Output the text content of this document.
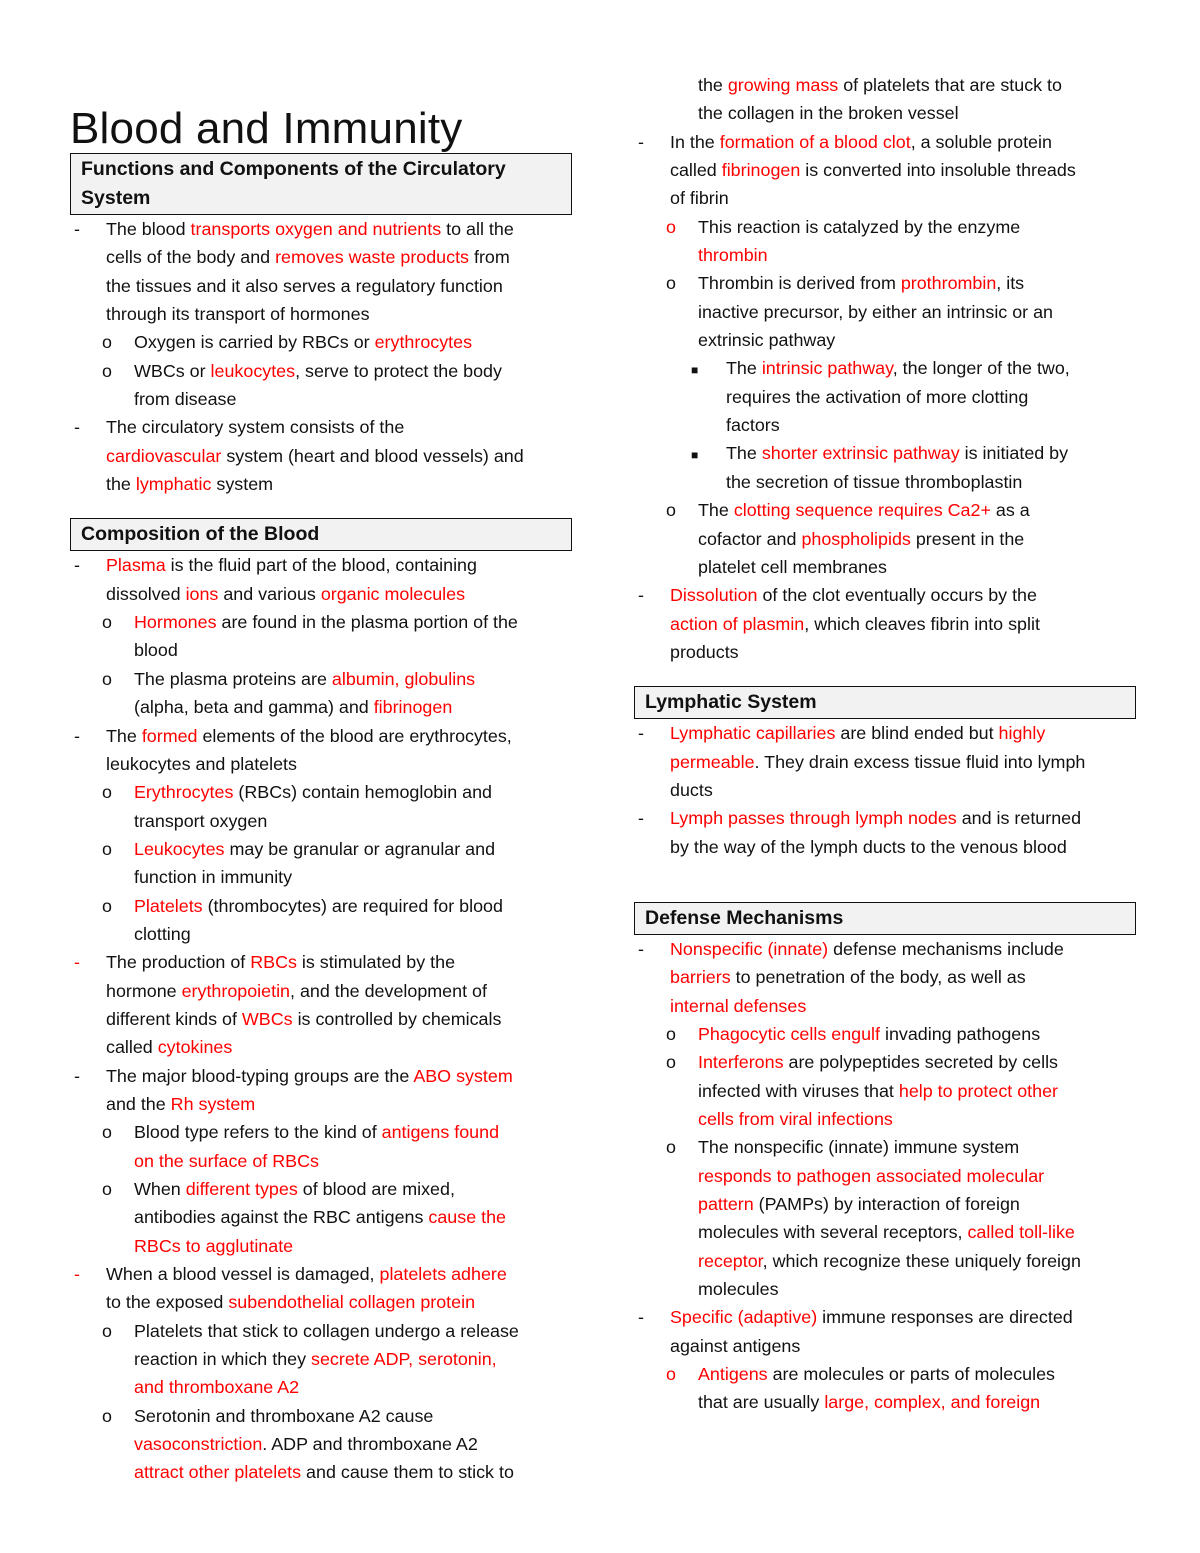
Blood and Immunity
Functions and Components of the Circulatory System
-	The blood transports oxygen and nutrients to all the
cells of the body and removes waste products from
the tissues and it also serves a regulatory function
through its transport of hormones
o Oxygen is carried by RBCs or erythrocytes
o WBCs or leukocytes, serve to protect the body
from disease
-	The circulatory system consists of the
cardiovascular system (heart and blood vessels) and
the lymphatic system
Composition of the Blood
-	Plasma is the fluid part of the blood, containing
dissolved ions and various organic molecules
o Hormones are found in the plasma portion of the
blood
o The plasma proteins are albumin, globulins
(alpha, beta and gamma) and fibrinogen
-	The formed elements of the blood are erythrocytes,
leukocytes and platelets
o Erythrocytes (RBCs) contain hemoglobin and
transport oxygen
o Leukocytes may be granular or agranular and
function in immunity
o Platelets (thrombocytes) are required for blood
clotting
-	The production of RBCs is stimulated by the
hormone erythropoietin, and the development of
different kinds of WBCs is controlled by chemicals
called cytokines
-	The major blood-typing groups are the ABO system
and the Rh system
o Blood type refers to the kind of antigens found
on the surface of RBCs
o When different types of blood are mixed,
antibodies against the RBC antigens cause the
RBCs to agglutinate
-	When a blood vessel is damaged, platelets adhere
to the exposed subendothelial collagen protein
o Platelets that stick to collagen undergo a release
reaction in which they secrete ADP, serotonin,
and thromboxane A2
o Serotonin and thromboxane A2 cause
vasoconstriction. ADP and thromboxane A2
attract other platelets and cause them to stick to
the growing mass of platelets that are stuck to
the collagen in the broken vessel
-	In the formation of a blood clot, a soluble protein
called fibrinogen is converted into insoluble threads
of fibrin
o This reaction is catalyzed by the enzyme
thrombin
o Thrombin is derived from prothrombin, its
inactive precursor, by either an intrinsic or an
extrinsic pathway
■	The intrinsic pathway, the longer of the two,
requires the activation of more clotting
factors
■	The shorter extrinsic pathway is initiated by
the secretion of tissue thromboplastin
o The clotting sequence requires Ca2+ as a
cofactor and phospholipids present in the
platelet cell membranes
-	Dissolution of the clot eventually occurs by the
action of plasmin, which cleaves fibrin into split
products
Lymphatic System
-	Lymphatic capillaries are blind ended but highly
permeable. They drain excess tissue fluid into lymph
ducts
-	Lymph passes through lymph nodes and is returned
by the way of the lymph ducts to the venous blood
Defense Mechanisms
-	Nonspecific (innate) defense mechanisms include
barriers to penetration of the body, as well as
internal defenses
o Phagocytic cells engulf invading pathogens
o Interferons are polypeptides secreted by cells
infected with viruses that help to protect other
cells from viral infections
o The nonspecific (innate) immune system
responds to pathogen associated molecular
pattern (PAMPs) by interaction of foreign
molecules with several receptors, called toll-like
receptor, which recognize these uniquely foreign
molecules
-	Specific (adaptive) immune responses are directed
against antigens
o Antigens are molecules or parts of molecules
that are usually large, complex, and foreign
